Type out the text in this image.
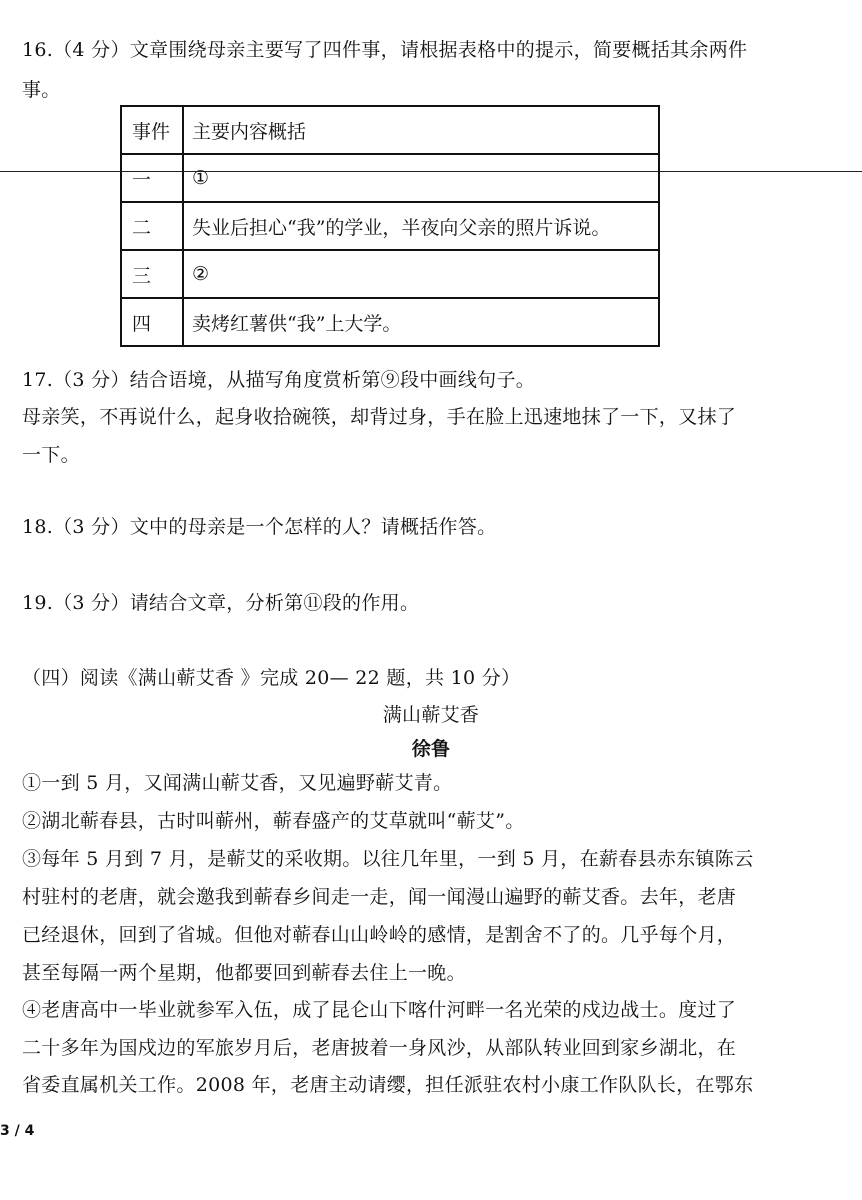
16.（4 分）文章围绕母亲主要写了四件事，请根据表格中的提示，简要概括其余两件
事。
事件	主要内容概括
一	①
二	失业后担心“我”的学业，半夜向父亲的照片诉说。
三	②
四	卖烤红薯供“我”上大学。
17.（3 分）结合语境，从描写角度赏析第⑨段中画线句子。
母亲笑，不再说什么，起身收拾碗筷，却背过身，手在脸上迅速地抹了一下，又抹了
一下。
18.（3 分）文中的母亲是一个怎样的人？请概括作答。
19.（3 分）请结合文章，分析第⑪段的作用。
（四）阅读《满山蕲艾香 》完成 20— 22 题，共 10 分）
满山蕲艾香
徐鲁
①一到 5 月，又闻满山蕲艾香，又见遍野蕲艾青。
②湖北蕲春县，古时叫蕲州，蕲春盛产的艾草就叫“蕲艾”。
③每年 5 月到 7 月，是蕲艾的采收期。以往几年里，一到 5 月，在薪春县赤东镇陈云
村驻村的老唐，就会邀我到蕲春乡间走一走，闻一闻漫山遍野的蕲艾香。去年，老唐
已经退休，回到了省城。但他对蕲春山山岭岭的感情，是割舍不了的。几乎每个月，
甚至每隔一两个星期，他都要回到蕲春去住上一晚。
④老唐高中一毕业就参军入伍，成了昆仑山下喀什河畔一名光荣的戍边战士。度过了
二十多年为国戍边的军旅岁月后，老唐披着一身风沙，从部队转业回到家乡湖北，在
省委直属机关工作。2008 年，老唐主动请缨，担任派驻农村小康工作队队长，在鄂东
3 / 4
